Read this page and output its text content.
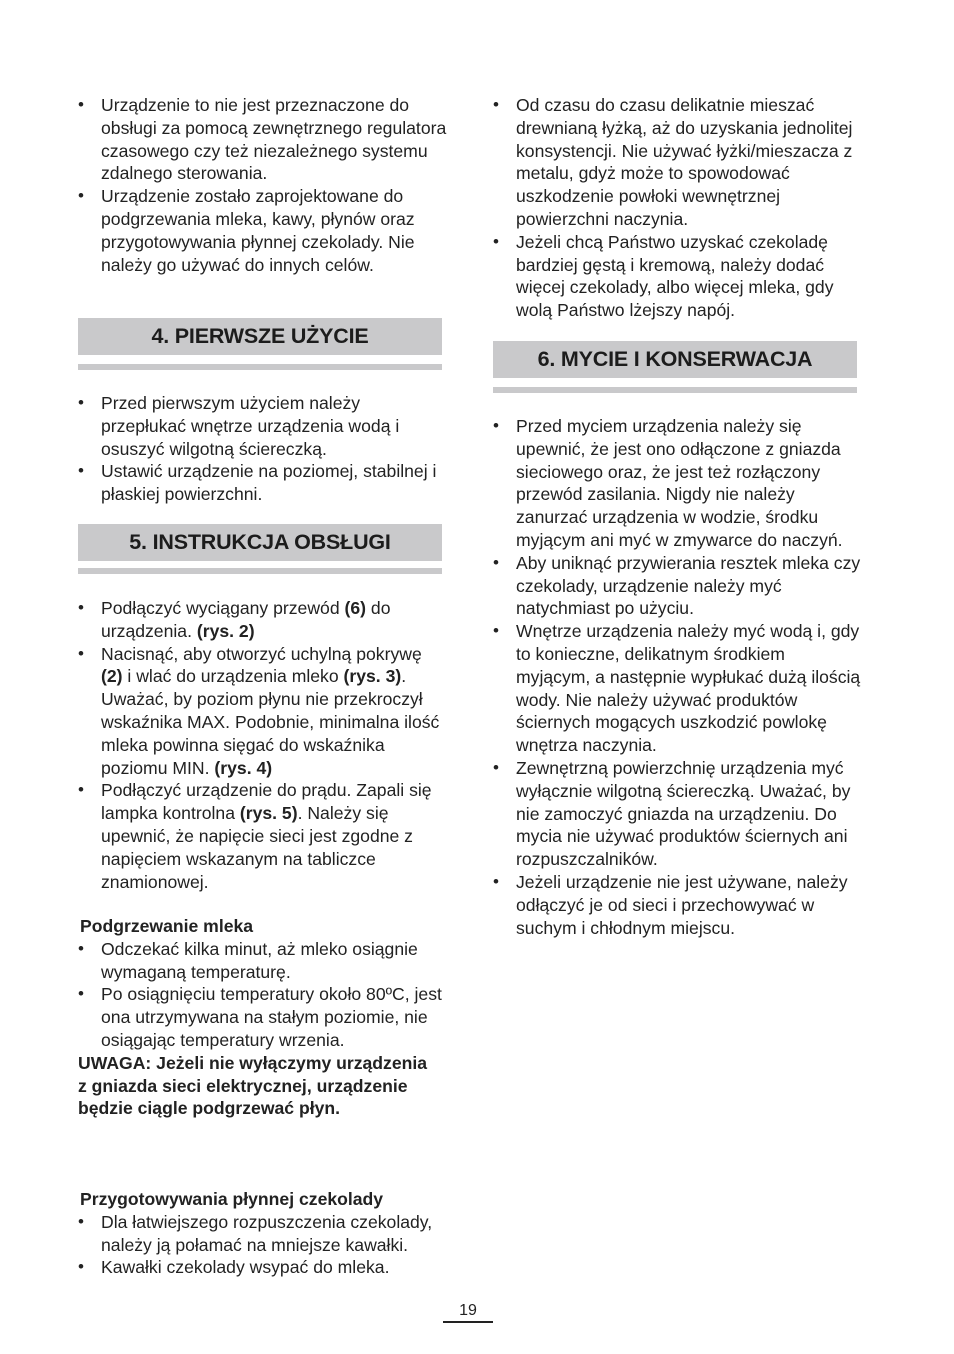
• Urządzenie to nie jest przeznaczone do obsługi za pomocą zewnętrznego regulatora czasowego czy też niezależnego systemu zdalnego sterowania.
• Urządzenie zostało zaprojektowane do podgrzewania mleka, kawy, płynów oraz przygotowywania płynnej czekolady. Nie należy go używać do innych celów.
4. PIERWSZE UŻYCIE
• Przed pierwszym użyciem należy przepłukać wnętrze urządzenia wodą i osuszyć wilgotną ściereczką.
• Ustawić urządzenie na poziomej, stabilnej i płaskiej powierzchni.
5. INSTRUKCJA OBSŁUGI
• Podłączyć wyciągany przewód (6) do urządzenia. (rys. 2)
• Nacisnąć, aby otworzyć uchylną pokrywę (2) i wlać do urządzenia mleko (rys. 3). Uważać, by poziom płynu nie przekroczył wskaźnika MAX. Podobnie, minimalna ilość mleka powinna sięgać do wskaźnika poziomu MIN. (rys. 4)
• Podłączyć urządzenie do prądu. Zapali się lampka kontrolna (rys. 5). Należy się upewnić, że napięcie sieci jest zgodne z napięciem wskazanym na tabliczce znamionowej.
Podgrzewanie mleka
• Odczekać kilka minut, aż mleko osiągnie wymaganą temperaturę.
• Po osiągnięciu temperatury około 80ºC, jest ona utrzymywana na stałym poziomie, nie osiągając temperatury wrzenia.
UWAGA: Jeżeli nie wyłączymy urządzenia z gniazda sieci elektrycznej, urządzenie będzie ciągle podgrzewać płyn.
Przygotowywania płynnej czekolady
• Dla łatwiejszego rozpuszczenia czekolady, należy ją połamać na mniejsze kawałki.
• Kawałki czekolady wsypać do mleka.
• Od czasu do czasu delikatnie mieszać drewnianą łyżką, aż do uzyskania jednolitej konsystencji. Nie używać łyżki/mieszacza z metalu, gdyż może to spowodować uszkodzenie powłoki wewnętrznej powierzchni naczynia.
• Jeżeli chcą Państwo uzyskać czekoladę bardziej gęstą i kremową, należy dodać więcej czekolady, albo więcej mleka, gdy wolą Państwo lżejszy napój.
6. MYCIE I KONSERWACJA
• Przed myciem urządzenia należy się upewnić, że jest ono odłączone z gniazda sieciowego oraz, że jest też rozłączony przewód zasilania. Nigdy nie należy zanurzać urządzenia w wodzie, środku myjącym ani myć w zmywarce do naczyń.
• Aby uniknąć przywierania resztek mleka czy czekolady, urządzenie należy myć natychmiast po użyciu.
• Wnętrze urządzenia należy myć wodą i, gdy to konieczne, delikatnym środkiem myjącym, a następnie wypłukać dużą ilością wody. Nie należy używać produktów ściernych mogących uszkodzić powlokę wnętrza naczynia.
• Zewnętrzną powierzchnię urządzenia myć wyłącznie wilgotną ściereczką. Uważać, by nie zamoczyć gniazda na urządzeniu. Do mycia nie używać produktów ściernych ani rozpuszczalników.
• Jeżeli urządzenie nie jest używane, należy odłączyć je od sieci i przechowywać w suchym i chłodnym miejscu.
19
